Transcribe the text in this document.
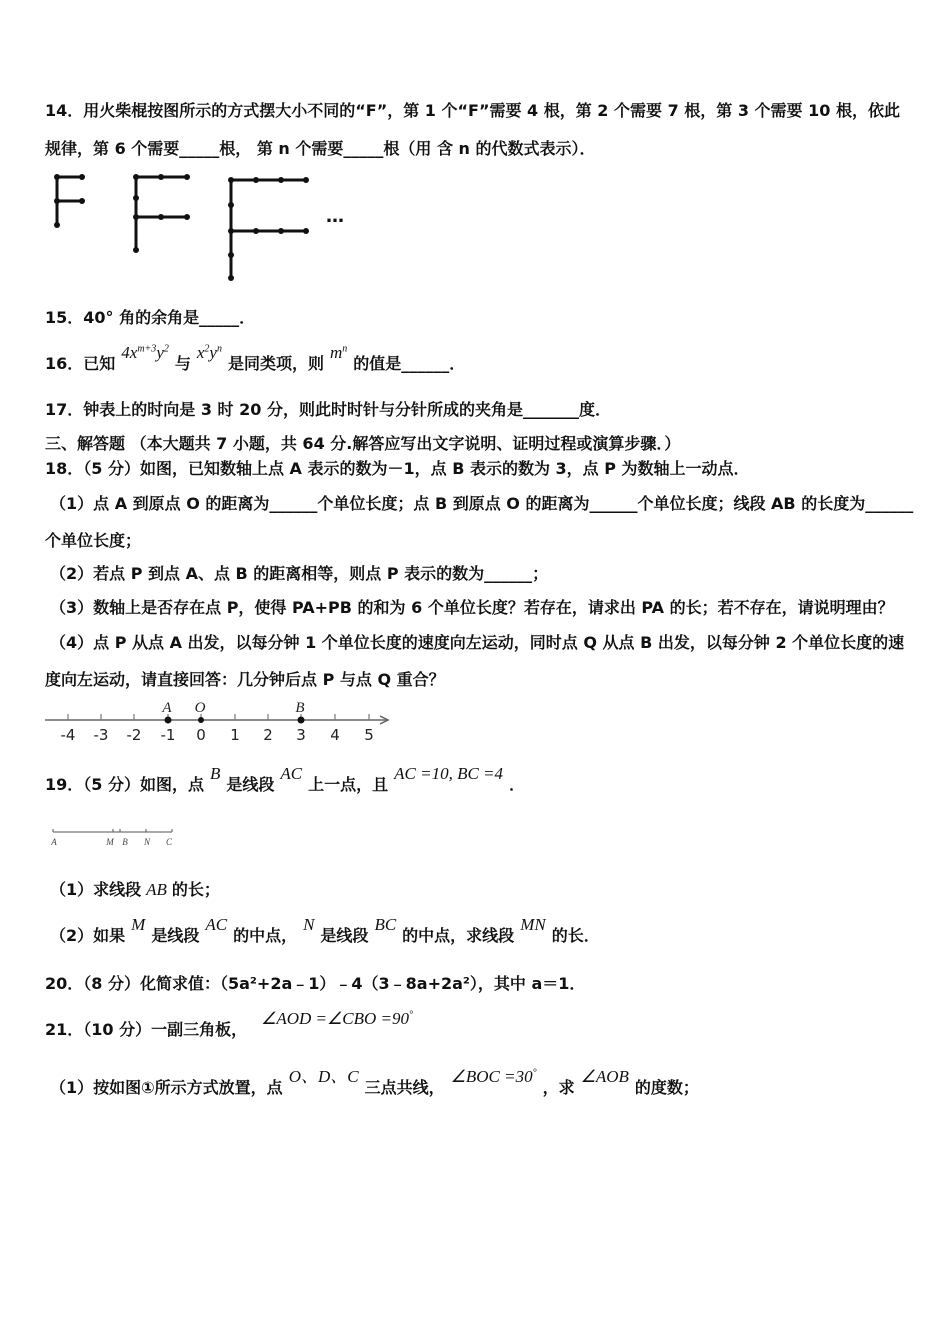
14．用火柴棍按图所示的方式摆大小不同的“F”，第 1 个“F”需要 4 根，第 2 个需要 7 根，第 3 个需要 10 根，依此
规律，第 6 个需要_____根， 第 n 个需要_____根（用 含 n 的代数式表示）．
…
15．40° 角的余角是_____．
16．已知$4x^{m+3}y^2$与$x^2y^n$是同类项，则$m^n$的值是______．
17．钟表上的时向是 3 时 20 分，则此时时针与分针所成的夹角是_______度．
三、解答题 （本大题共 7 小题，共 64 分.解答应写出文字说明、证明过程或演算步骤．）
18．（5 分）如图，已知数轴上点 A 表示的数为－1，点 B 表示的数为 3，点 P 为数轴上一动点．
（1）点 A 到原点 O 的距离为______个单位长度；点 B 到原点 O 的距离为______个单位长度；线段 AB 的长度为______
个单位长度；
（2）若点 P 到点 A、点 B 的距离相等，则点 P 表示的数为______；
（3）数轴上是否存在点 P，使得 PA+PB 的和为 6 个单位长度？若存在，请求出 PA 的长；若不存在，请说明理由？
（4）点 P 从点 A 出发，以每分钟 1 个单位长度的速度向左运动，同时点 Q 从点 B 出发，以每分钟 2 个单位长度的速
度向左运动，请直接回答：几分钟后点 P 与点 Q 重合？
-4 -3 -2 -1 0 1 2 3 4 5
A O	B
19．（5 分）如图，点B是线段AC上一点，且AC =10, BC =4．
A	M B N C
（1）求线段 AB 的长；
（2）如果M是线段AC的中点，N是线段BC的中点，求线段MN的长．
20．（8 分）化简求值：（5a²+2a﹣1）﹣4（3﹣8a+2a²），其中 a＝1．
21．（10 分）一副三角板，∠AOD =∠CBO =90°
（1）按如图①所示方式放置，点O、D、C三点共线，∠BOC =30°，求∠AOB的度数；
